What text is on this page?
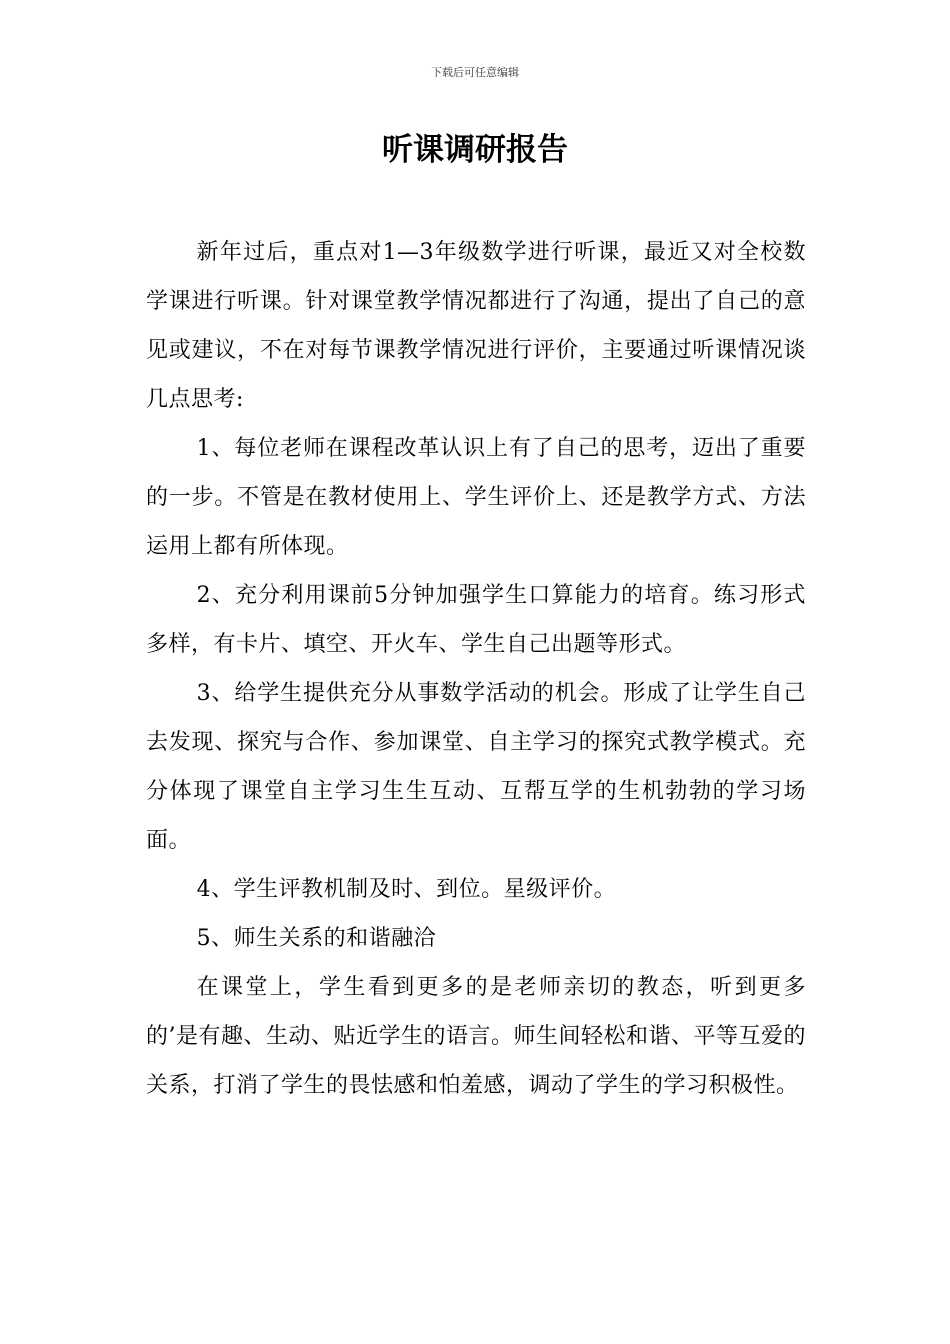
下载后可任意编辑
听课调研报告

新年过后，重点对1—3年级数学进行听课，最近又对全校数学课进行听课。针对课堂教学情况都进行了沟通，提出了自己的意见或建议，不在对每节课教学情况进行评价，主要通过听课情况谈几点思考:

1、每位老师在课程改革认识上有了自己的思考，迈出了重要的一步。不管是在教材使用上、学生评价上、还是教学方式、方法运用上都有所体现。

2、充分利用课前5分钟加强学生口算能力的培育。练习形式多样，有卡片、填空、开火车、学生自己出题等形式。

3、给学生提供充分从事数学活动的机会。形成了让学生自己去发现、探究与合作、参加课堂、自主学习的探究式教学模式。充分体现了课堂自主学习生生互动、互帮互学的生机勃勃的学习场面。

4、学生评教机制及时、到位。星级评价。

5、师生关系的和谐融洽

在课堂上，学生看到更多的是老师亲切的教态，听到更多的’是有趣、生动、贴近学生的语言。师生间轻松和谐、平等互爱的关系，打消了学生的畏怯感和怕羞感，调动了学生的学习积极性。
